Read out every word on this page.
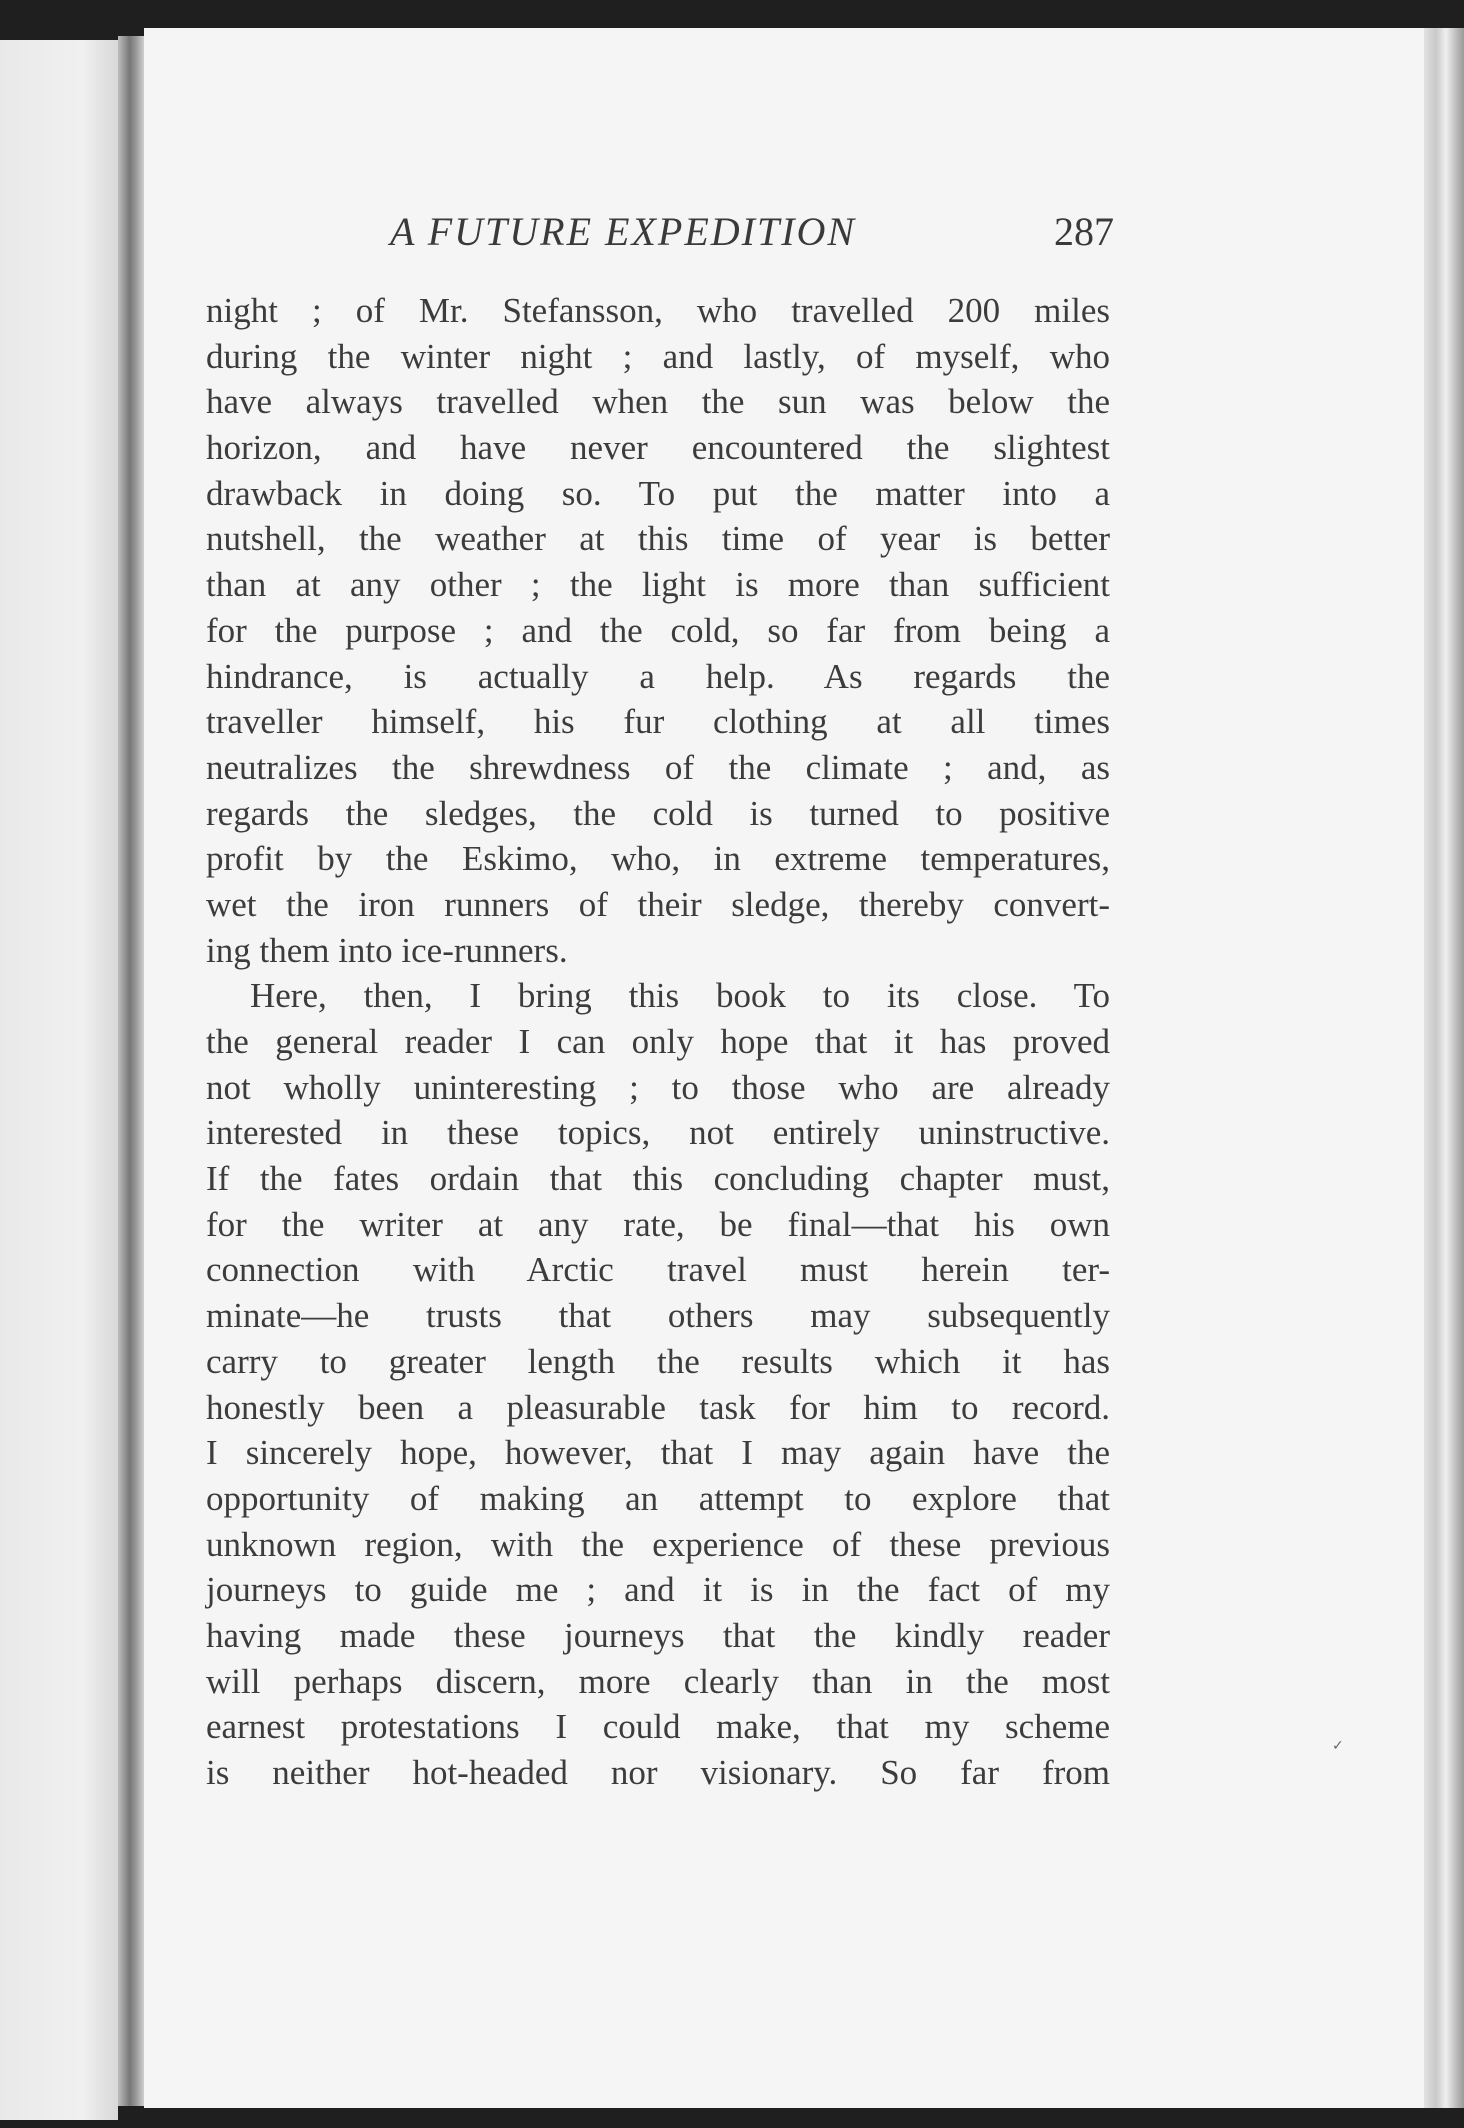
A FUTURE EXPEDITION	287
night ; of Mr. Stefansson, who travelled 200 miles
during the winter night ; and lastly, of myself, who
have always travelled when the sun was below the
horizon, and have never encountered the slightest
drawback in doing so. To put the matter into a
nutshell, the weather at this time of year is better
than at any other ; the light is more than sufficient
for the purpose ; and the cold, so far from being a
hindrance, is actually a help. As regards the
traveller himself, his fur clothing at all times
neutralizes the shrewdness of the climate ; and, as
regards the sledges, the cold is turned to positive
profit by the Eskimo, who, in extreme temperatures,
wet the iron runners of their sledge, thereby convert-
ing them into ice-runners.
Here, then, I bring this book to its close. To
the general reader I can only hope that it has proved
not wholly uninteresting ; to those who are already
interested in these topics, not entirely uninstructive.
If the fates ordain that this concluding chapter must,
for the writer at any rate, be final—that his own
connection with Arctic travel must herein ter-
minate—he trusts that others may subsequently
carry to greater length the results which it has
honestly been a pleasurable task for him to record.
I sincerely hope, however, that I may again have the
opportunity of making an attempt to explore that
unknown region, with the experience of these previous
journeys to guide me ; and it is in the fact of my
having made these journeys that the kindly reader
will perhaps discern, more clearly than in the most
earnest protestations I could make, that my scheme
is neither hot-headed nor visionary. So far from
✓
